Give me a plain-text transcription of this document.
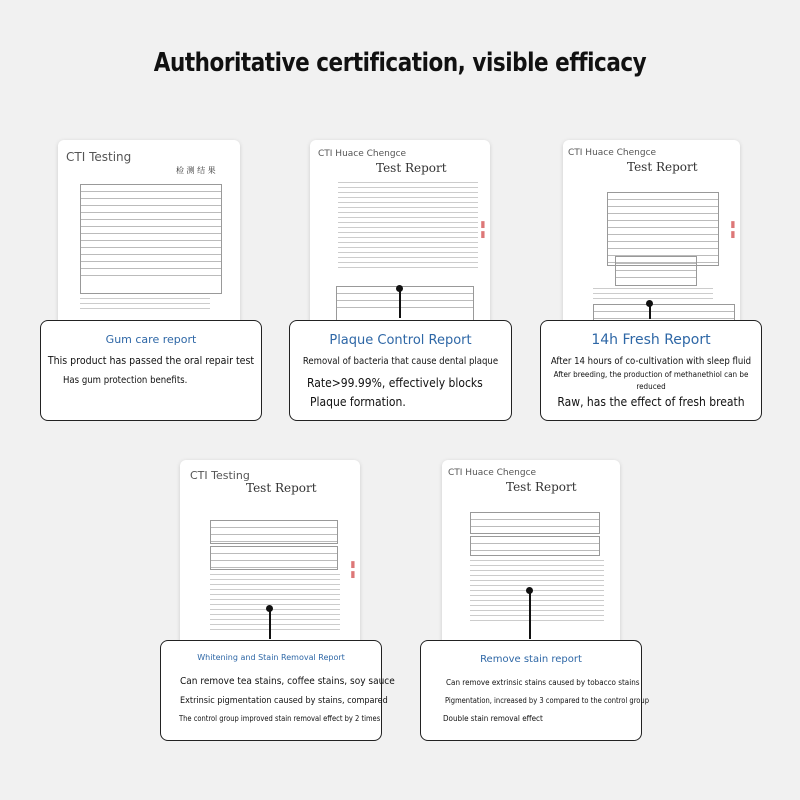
Authoritative certification, visible efficacy
CTI Testing
检 测 结 果
CTI Huace Chengce
Test Report
▮▮
CTI Huace Chengce
Test Report
▮▮
CTI Testing
Test Report
▮▮
CTI Huace Chengce
Test Report
Gum care report
This product has passed the oral repair test
Has gum protection benefits.
Plaque Control Report
Removal of bacteria that cause dental plaque
Rate>99.99%, effectively blocks
Plaque formation.
14h Fresh Report
After 14 hours of co-cultivation with sleep fluid
After breeding, the production of methanethiol can be
reduced
Raw, has the effect of fresh breath
Whitening and Stain Removal Report
Can remove tea stains, coffee stains, soy sauce
Extrinsic pigmentation caused by stains, compared
The control group improved stain removal effect by 2 times
Remove stain report
Can remove extrinsic stains caused by tobacco stains
Pigmentation, increased by 3 compared to the control group
Double stain removal effect
